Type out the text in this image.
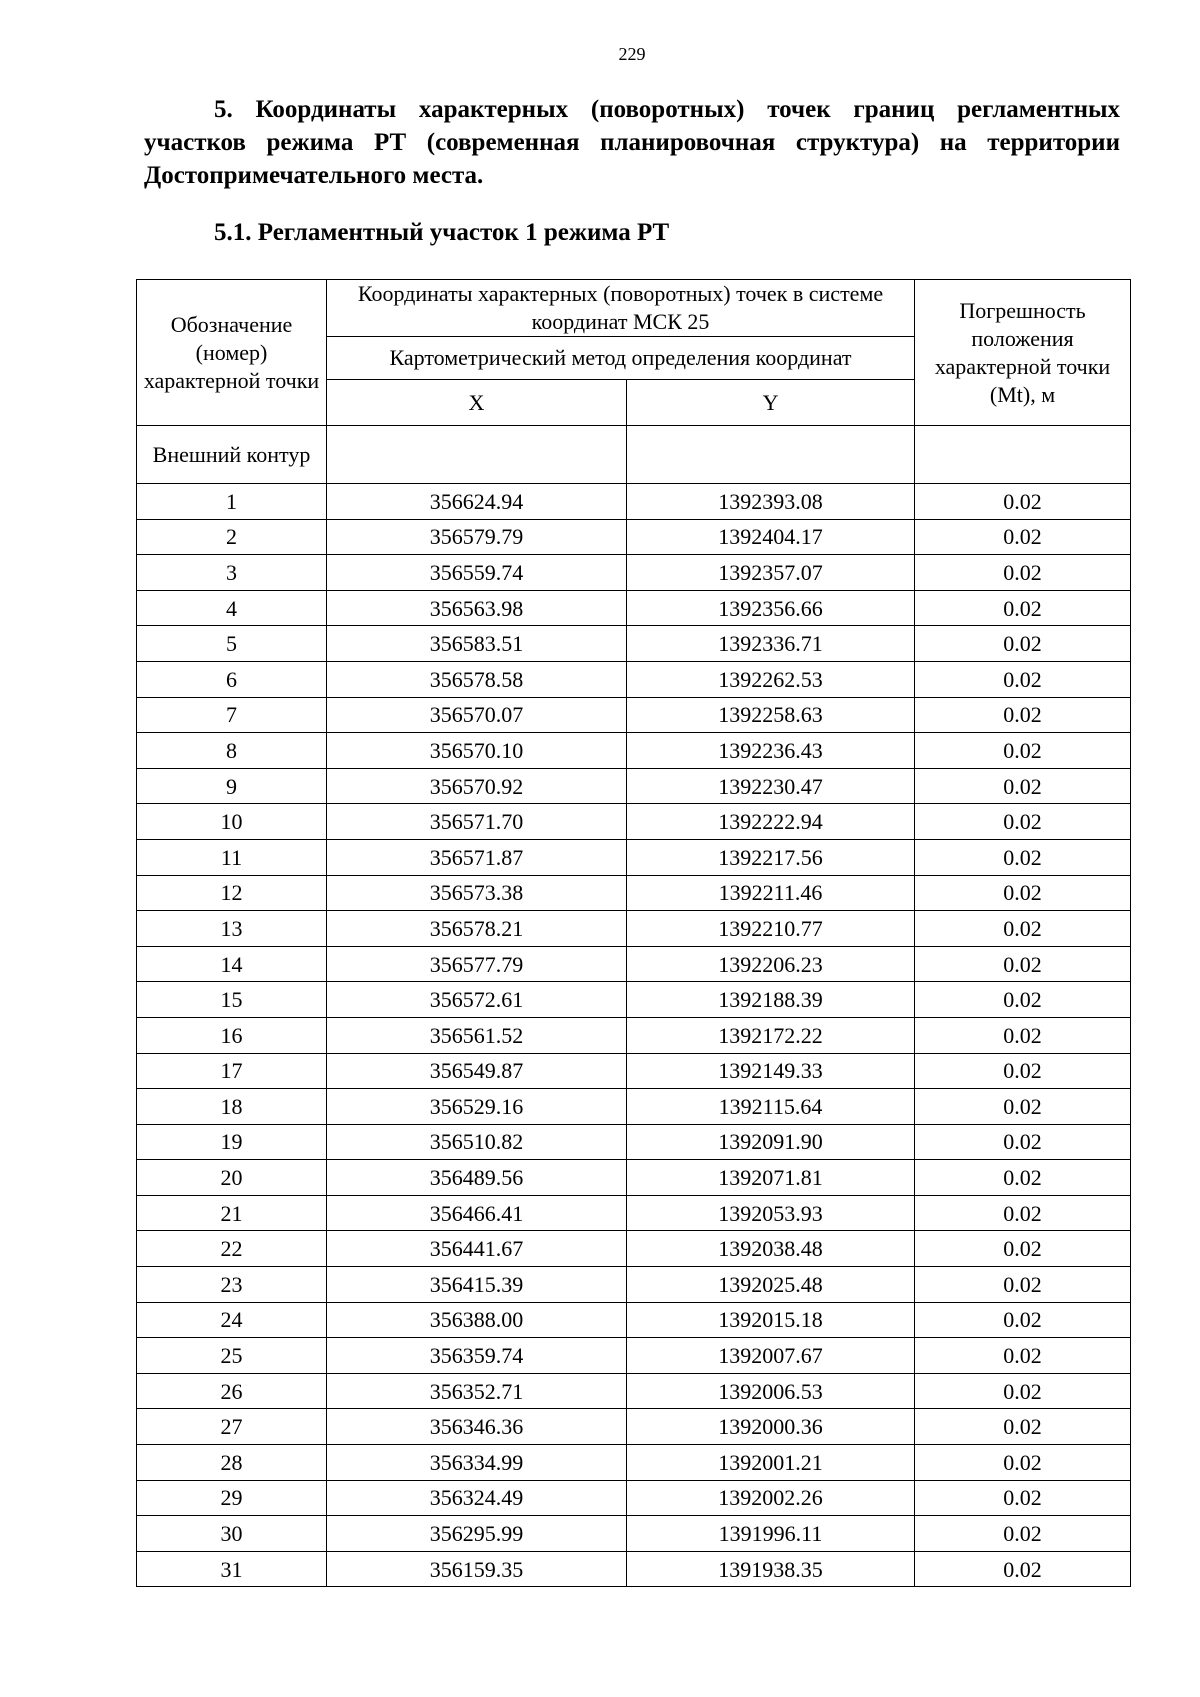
229
5. Координаты характерных (поворотных) точек границ регламентных участков режима РТ (современная планировочная структура) на территории Достопримечательного места.
5.1. Регламентный участок 1 режима РТ
Обозначение (номер) характерной точки	Координаты характерных (поворотных) точек в системе координат МСК 25		Погрешность положения характерной точки (Mt), м
	Картометрический метод определения координат		
	X	Y	
Внешний контур			
1	356624.94	1392393.08	0.02
2	356579.79	1392404.17	0.02
3	356559.74	1392357.07	0.02
4	356563.98	1392356.66	0.02
5	356583.51	1392336.71	0.02
6	356578.58	1392262.53	0.02
7	356570.07	1392258.63	0.02
8	356570.10	1392236.43	0.02
9	356570.92	1392230.47	0.02
10	356571.70	1392222.94	0.02
11	356571.87	1392217.56	0.02
12	356573.38	1392211.46	0.02
13	356578.21	1392210.77	0.02
14	356577.79	1392206.23	0.02
15	356572.61	1392188.39	0.02
16	356561.52	1392172.22	0.02
17	356549.87	1392149.33	0.02
18	356529.16	1392115.64	0.02
19	356510.82	1392091.90	0.02
20	356489.56	1392071.81	0.02
21	356466.41	1392053.93	0.02
22	356441.67	1392038.48	0.02
23	356415.39	1392025.48	0.02
24	356388.00	1392015.18	0.02
25	356359.74	1392007.67	0.02
26	356352.71	1392006.53	0.02
27	356346.36	1392000.36	0.02
28	356334.99	1392001.21	0.02
29	356324.49	1392002.26	0.02
30	356295.99	1391996.11	0.02
31	356159.35	1391938.35	0.02
